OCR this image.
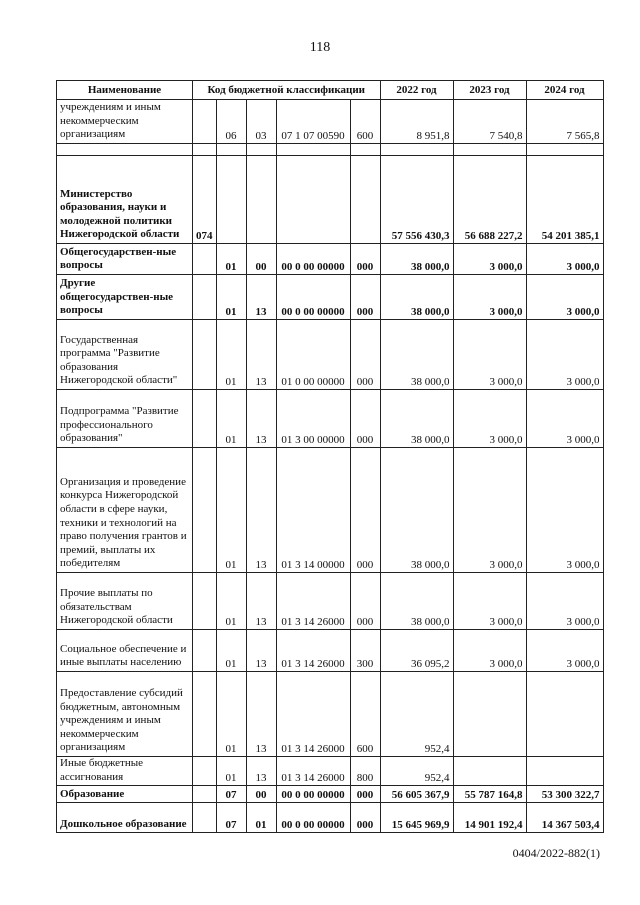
118
Наименование	Код бюджетной классификации					2022 год	2023 год	2024 год
учреждениям и иным некоммерческим организациям		06	03	07 1 07 00590	600	8 951,8	7 540,8	7 565,8

Министерство образования, науки и молодежной политики Нижегородской области	074					57 556 430,3	56 688 227,2	54 201 385,1
Общегосударствен-ные вопросы		01	00	00 0 00 00000	000	38 000,0	3 000,0	3 000,0
Другие общегосударствен-ные вопросы		01	13	00 0 00 00000	000	38 000,0	3 000,0	3 000,0
Государственная программа "Развитие образования Нижегородской области"		01	13	01 0 00 00000	000	38 000,0	3 000,0	3 000,0
Подпрограмма "Развитие профессионального образования"		01	13	01 3 00 00000	000	38 000,0	3 000,0	3 000,0
Организация и проведение конкурса Нижегородской области в сфере науки, техники и технологий на право получения грантов и премий, выплаты их победителям		01	13	01 3 14 00000	000	38 000,0	3 000,0	3 000,0
Прочие выплаты по обязательствам Нижегородской области		01	13	01 3 14 26000	000	38 000,0	3 000,0	3 000,0
Социальное обеспечение и иные выплаты населению		01	13	01 3 14 26000	300	36 095,2	3 000,0	3 000,0
Предоставление субсидий бюджетным, автономным учреждениям и иным некоммерческим организациям		01	13	01 3 14 26000	600	952,4		
Иные бюджетные ассигнования		01	13	01 3 14 26000	800	952,4		
Образование		07	00	00 0 00 00000	000	56 605 367,9	55 787 164,8	53 300 322,7
Дошкольное образование		07	01	00 0 00 00000	000	15 645 969,9	14 901 192,4	14 367 503,4
0404/2022-882(1)
